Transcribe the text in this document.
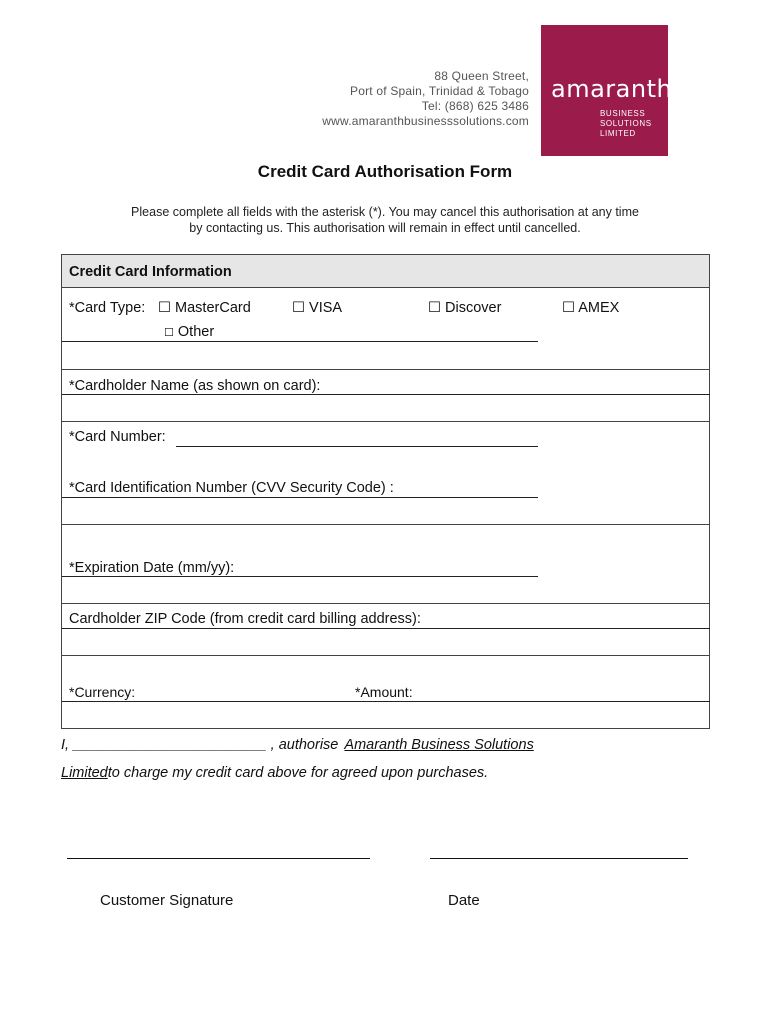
88 Queen Street,
Port of Spain, Trinidad & Tobago
Tel: (868) 625 3486
www.amaranthbusinesssolutions.com
amaranth
BUSINESS
SOLUTIONS
LIMITED
Credit Card Authorisation Form
Please complete all fields with the asterisk (*). You may cancel this authorisation at any time
by contacting us. This authorisation will remain in effect until cancelled.
Credit Card Information
*Card Type: ☐ MasterCard	☐ VISA	☐ Discover	☐ AMEX
☐ Other
*Cardholder Name (as shown on card):
*Card Number:
*Card Identification Number (CVV Security Code) :
*Expiration Date (mm/yy):
Cardholder ZIP Code (from credit card billing address):
*Currency:	*Amount:
I, ________________________ , authorise Amaranth Business Solutions
Limitedto charge my credit card above for agreed upon purchases.
Customer Signature	Date
